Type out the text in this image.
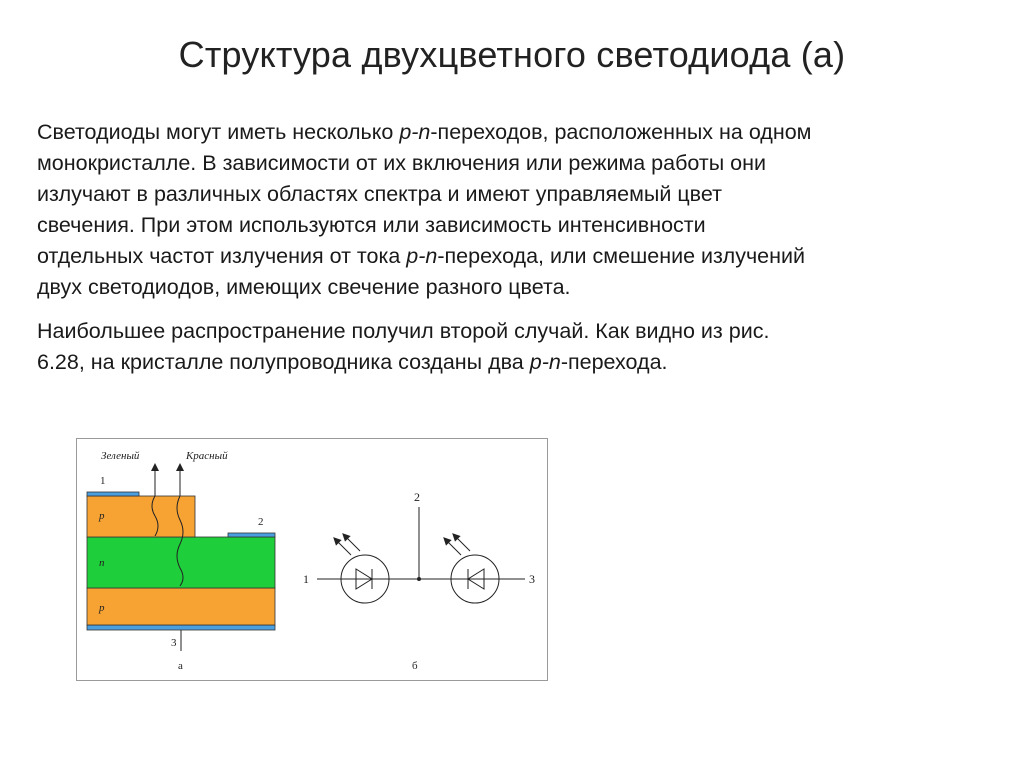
Структура двухцветного светодиода (а)
Светодиоды могут иметь несколько p-n-переходов, расположенных на одном
монокристалле. В зависимости от их включения или режима работы они
излучают в различных областях спектра и имеют управляемый цвет
свечения. При этом используются или зависимость интенсивности
отдельных частот излучения от тока p-n-перехода, или смешение излучений
двух светодиодов, имеющих свечение разного цвета.
Наибольшее распространение получил второй случай. Как видно из рис.
6.28, на кристалле полупроводника созданы два p-n-перехода.
Зеленый	Красный
1
2
3
p
n
p
а
1
2
3
б
